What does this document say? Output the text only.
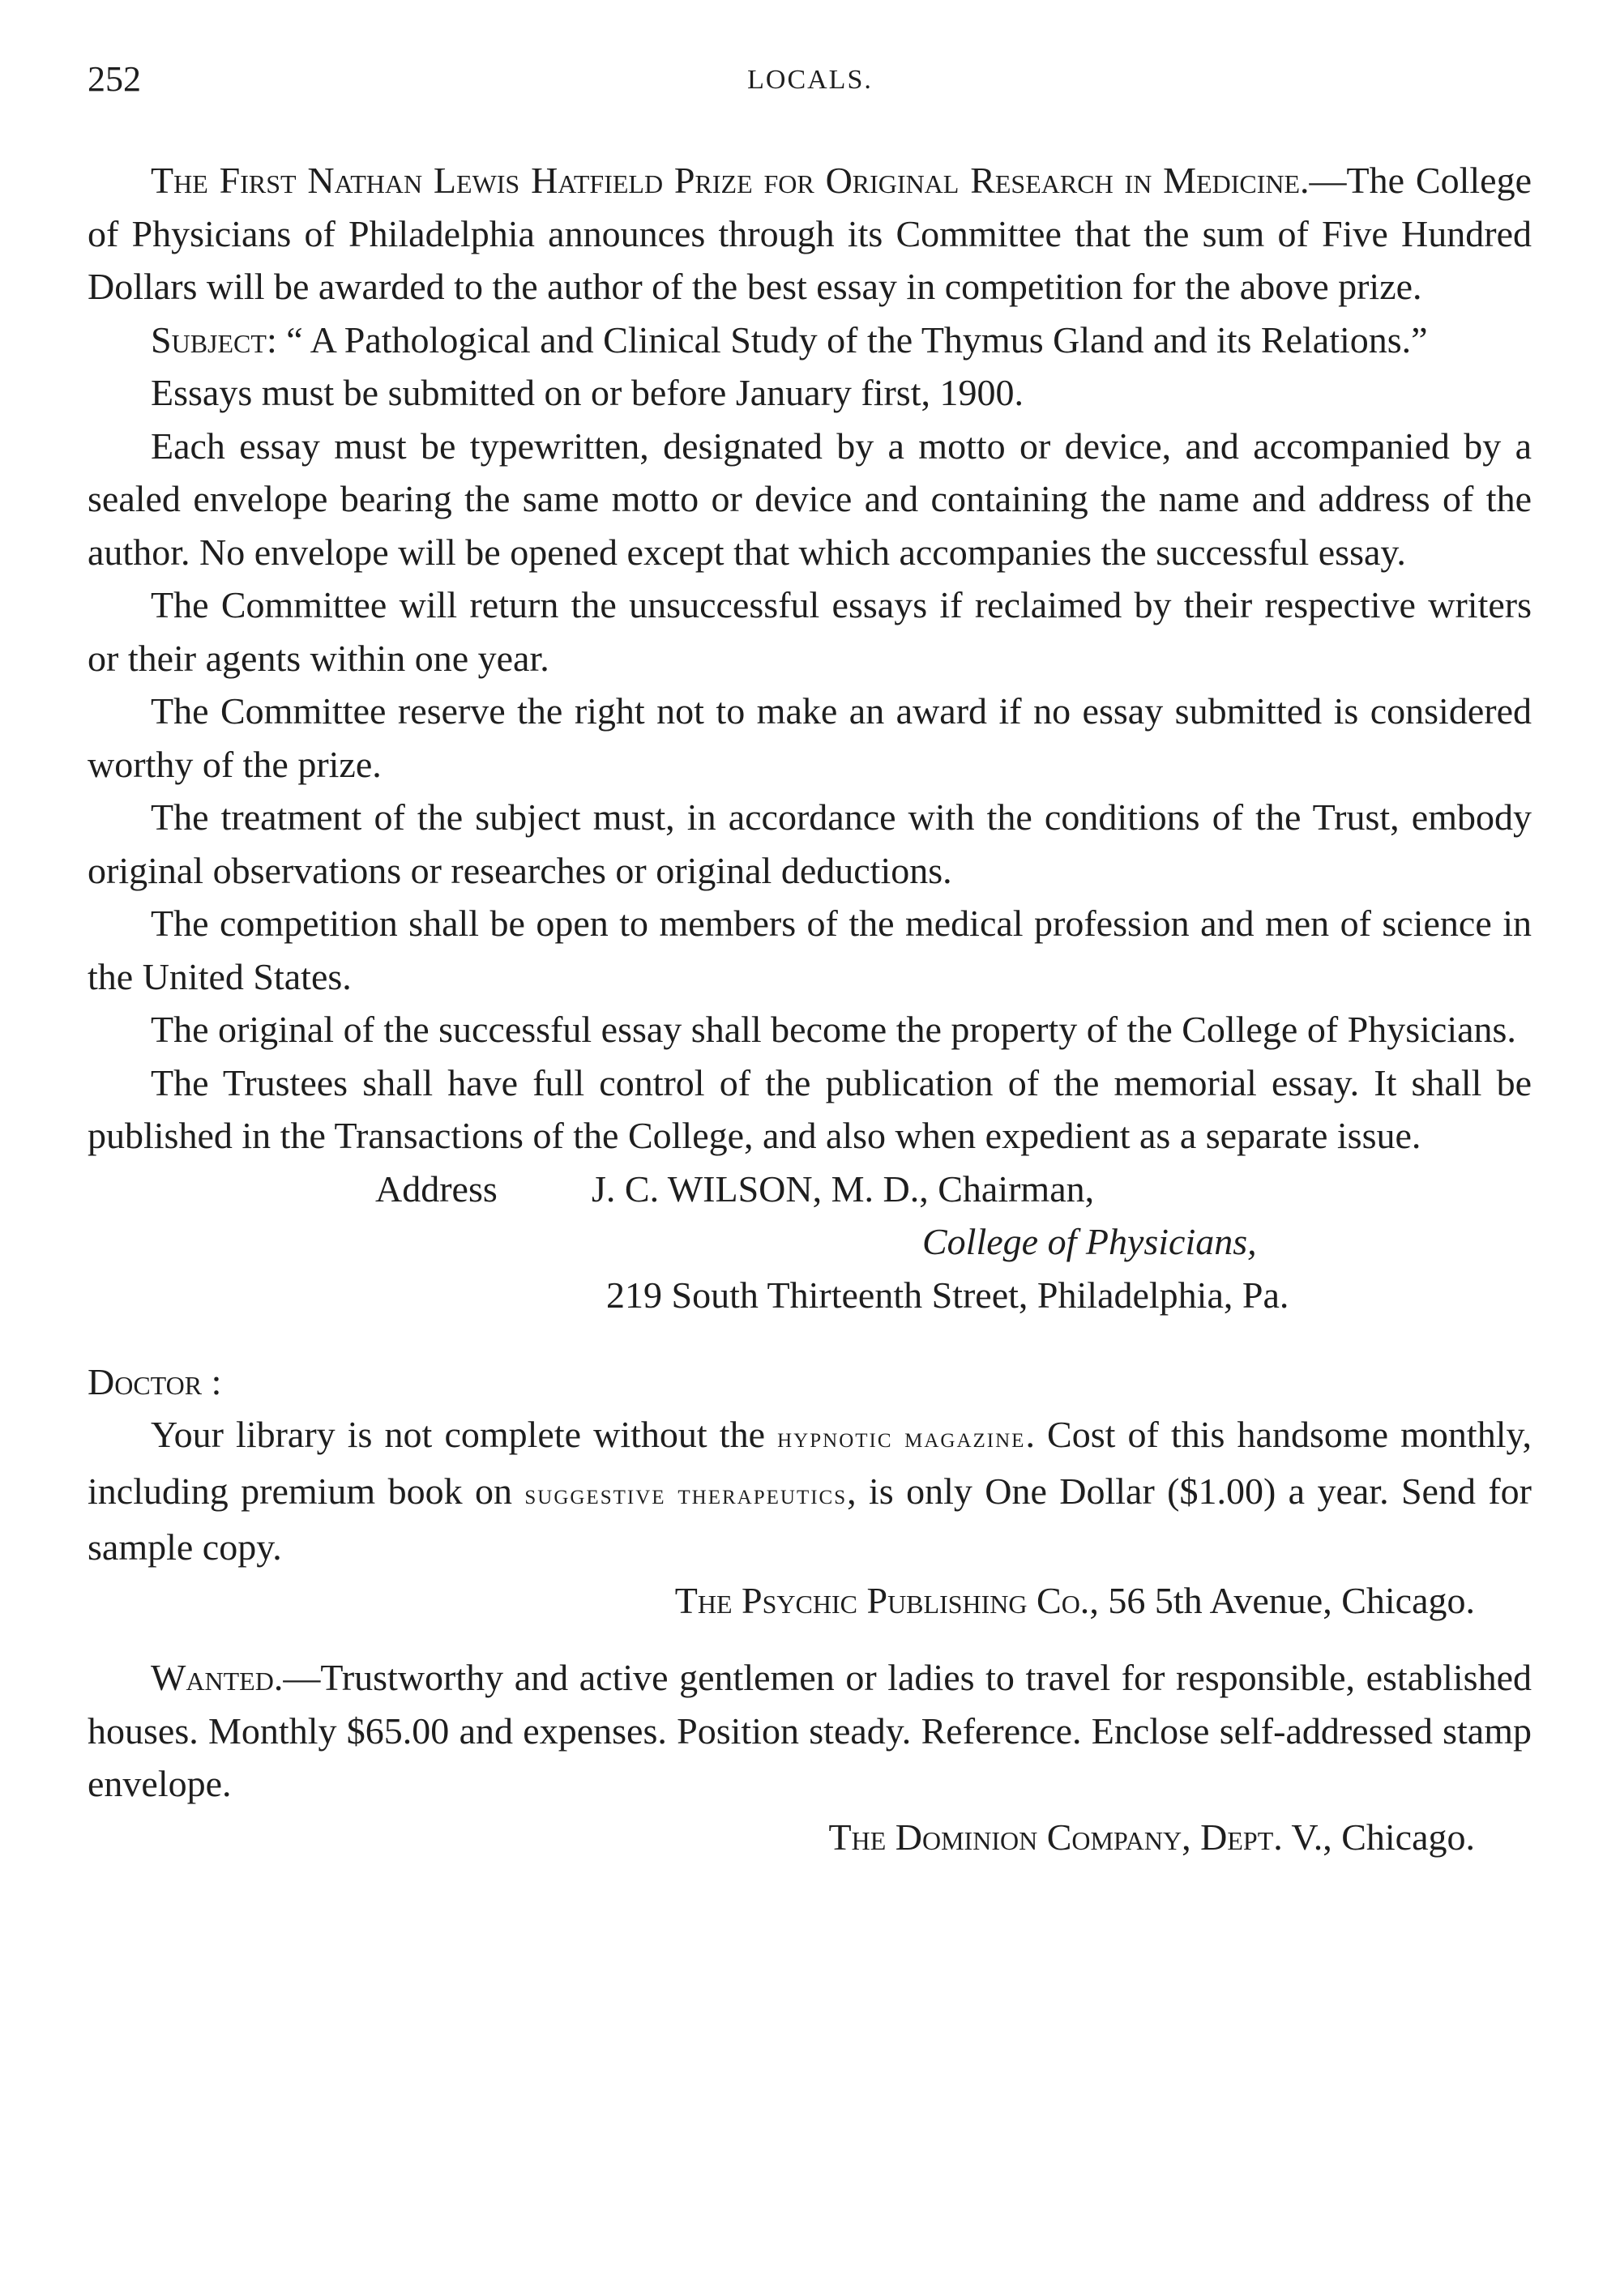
252	LOCALS.

The First Nathan Lewis Hatfield Prize for Original Research in Medicine.—The College of Physicians of Philadelphia announces through its Committee that the sum of Five Hundred Dollars will be awarded to the author of the best essay in competition for the above prize.

Subject: “ A Pathological and Clinical Study of the Thymus Gland and its Relations.”

Essays must be submitted on or before January first, 1900.

Each essay must be typewritten, designated by a motto or device, and accompanied by a sealed envelope bearing the same motto or device and containing the name and address of the author. No envelope will be opened except that which accompanies the successful essay.

The Committee will return the unsuccessful essays if reclaimed by their respective writers or their agents within one year.

The Committee reserve the right not to make an award if no essay submitted is considered worthy of the prize.

The treatment of the subject must, in accordance with the conditions of the Trust, embody original observations or researches or original deductions.

The competition shall be open to members of the medical profession and men of science in the United States.

The original of the successful essay shall become the property of the College of Physicians.

The Trustees shall have full control of the publication of the memorial essay. It shall be published in the Transactions of the College, and also when expedient as a separate issue.

Address	J. C. WILSON, M. D., Chairman,
College of Physicians,
219 South Thirteenth Street, Philadelphia, Pa.

Doctor :

Your library is not complete without the hypnotic magazine. Cost of this handsome monthly, including premium book on suggestive therapeutics, is only One Dollar ($1.00) a year. Send for sample copy.

The Psychic Publishing Co., 56 5th Avenue, Chicago.

Wanted.—Trustworthy and active gentlemen or ladies to travel for responsible, established houses. Monthly $65.00 and expenses. Position steady. Reference. Enclose self-addressed stamp envelope.

The Dominion Company, Dept. V., Chicago.
